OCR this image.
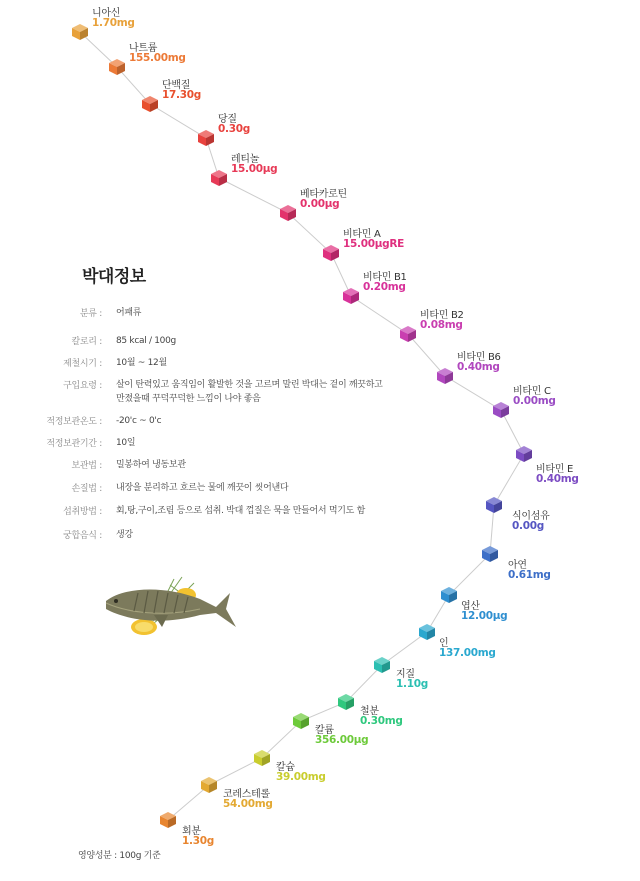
니아신
1.70mg
나트륨
155.00mg
단백질
17.30g
당질
0.30g
레티놀
15.00μg
베타카로틴
0.00μg
비타민 A
15.00μgRE
비타민 B1
0.20mg
비타민 B2
0.08mg
비타민 B6
0.40mg
비타민 C
0.00mg
비타민 E
0.40mg
식이섬유
0.00g
아연
0.61mg
엽산
12.00μg
인
137.00mg
지질
1.10g
철분
0.30mg
칼륨
356.00μg
칼슘
39.00mg
코레스테롤
54.00mg
회분
1.30g
박대정보
분류 : 어패류
칼로리 : 85 kcal / 100g
제철시기 : 10월 ~ 12월
구입요령 : 살이 탄력있고 움직임이 활발한 것을 고르며 말린 박대는 겉이 깨끗하고 만졌을때 꾸덕꾸덕한 느낌이 나야 좋음
적정보관온도 : -20'c ~ 0'c
적정보관기간 : 10일
보관법 : 밀봉하여 냉동보관
손질법 : 내장을 분리하고 흐르는 물에 깨끗이 씻어낸다
섭취방법 : 회,탕,구이,조림 등으로 섭취. 박대 껍질은 묵을 만들어서 먹기도 함
궁합음식 : 생강
영양성분 : 100g 기준
